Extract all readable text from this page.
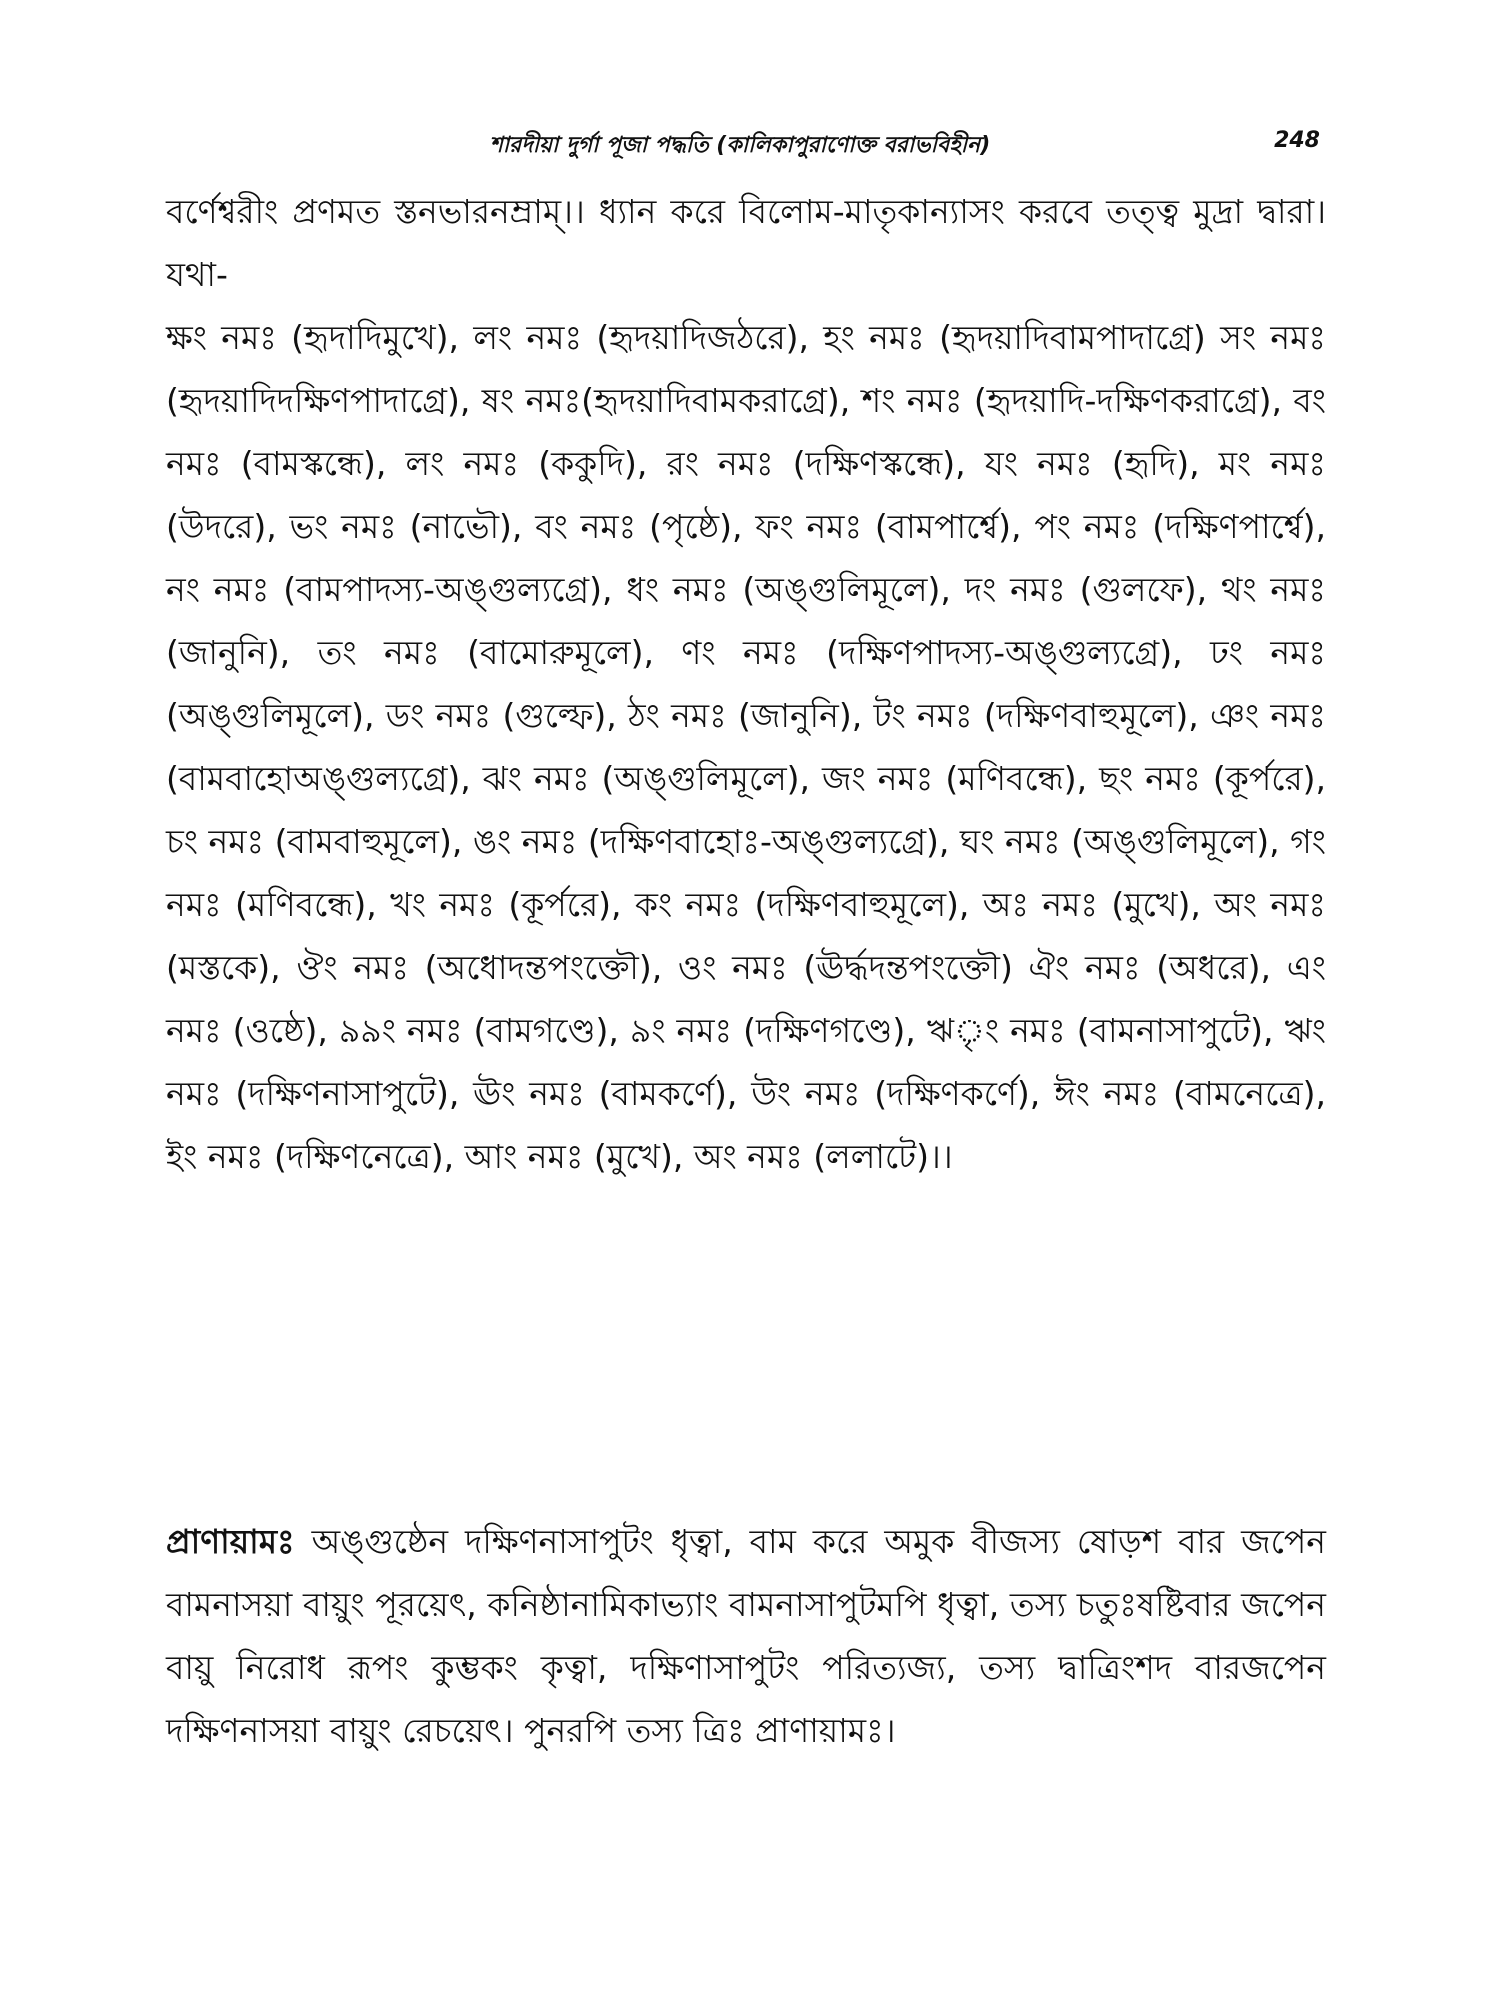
শারদীয়া দুর্গা পূজা পদ্ধতি (কালিকাপুরাণোক্ত বরাভবিহীন)	248

বর্ণেশ্বরীং প্রণমত স্তনভারনম্রাম্।। ধ্যান করে বিলোম-মাতৃকান্যাসং করবে তত্ত্ব মুদ্রা দ্বারা। যথা-

ক্ষং নমঃ (হৃদাদিমুখে), লং নমঃ (হৃদয়াদিজঠরে), হং নমঃ (হৃদয়াদিবামপাদাগ্রে) সং নমঃ (হৃদয়াদিদক্ষিণপাদাগ্রে), ষং নমঃ(হৃদয়াদিবামকরাগ্রে), শং নমঃ (হৃদয়াদি-দক্ষিণকরাগ্রে), বং নমঃ (বামস্কন্ধে), লং নমঃ (ককুদি), রং নমঃ (দক্ষিণস্কন্ধে), যং নমঃ (হৃদি), মং নমঃ (উদরে), ভং নমঃ (নাভৌ), বং নমঃ (পৃষ্ঠে), ফং নমঃ (বামপার্শ্বে), পং নমঃ (দক্ষিণপার্শ্বে), নং নমঃ (বামপাদস্য-অঙ্গুল্যগ্রে), ধং নমঃ (অঙ্গুলিমূলে), দং নমঃ (গুলফে), থং নমঃ (জানুনি), তং নমঃ (বামোরুমূলে), ণং নমঃ (দক্ষিণপাদস্য-অঙ্গুল্যগ্রে), ঢং নমঃ (অঙ্গুলিমূলে), ডং নমঃ (গুল্ফে), ঠং নমঃ (জানুনি), টং নমঃ (দক্ষিণবাহুমূলে), ঞং নমঃ (বামবাহোঅঙ্গুল্যগ্রে), ঝং নমঃ (অঙ্গুলিমূলে), জং নমঃ (মণিবন্ধে), ছং নমঃ (কূর্পরে), চং নমঃ (বামবাহুমূলে), ঙং নমঃ (দক্ষিণবাহোঃ-অঙ্গুল্যগ্রে), ঘং নমঃ (অঙ্গুলিমূলে), গং নমঃ (মণিবন্ধে), খং নমঃ (কূর্পরে), কং নমঃ (দক্ষিণবাহুমূলে), অঃ নমঃ (মুখে), অং নমঃ (মস্তকে), ঔং নমঃ (অধোদন্তপংক্তৌ), ওং নমঃ (ঊর্দ্ধদন্তপংক্তৌ) ঐং নমঃ (অধরে), এং নমঃ (ওষ্ঠে), ৯৯ং নমঃ (বামগণ্ডে), ৯ং নমঃ (দক্ষিণগণ্ডে), ঋৃং নমঃ (বামনাসাপুটে), ঋং নমঃ (দক্ষিণনাসাপুটে), ঊং নমঃ (বামকর্ণে), উং নমঃ (দক্ষিণকর্ণে), ঈং নমঃ (বামনেত্রে), ইং নমঃ (দক্ষিণনেত্রে), আং নমঃ (মুখে), অং নমঃ (ললাটে)।।

প্রাণায়ামঃ অঙ্গুষ্ঠেন দক্ষিণনাসাপুটং ধৃত্বা, বাম করে অমুক বীজস্য ষোড়শ বার জপেন বামনাসয়া বায়ুং পূরয়েৎ, কনিষ্ঠানামিকাভ্যাং বামনাসাপুটমপি ধৃত্বা, তস্য চতুঃষষ্টিবার জপেন বায়ু নিরোধ রূপং কুম্ভকং কৃত্বা, দক্ষিণাসাপুটং পরিত্যজ্য, তস্য দ্বাত্রিংশদ বারজপেন দক্ষিণনাসয়া বায়ুং রেচয়েৎ। পুনরপি তস্য ত্রিঃ প্রাণায়ামঃ।
